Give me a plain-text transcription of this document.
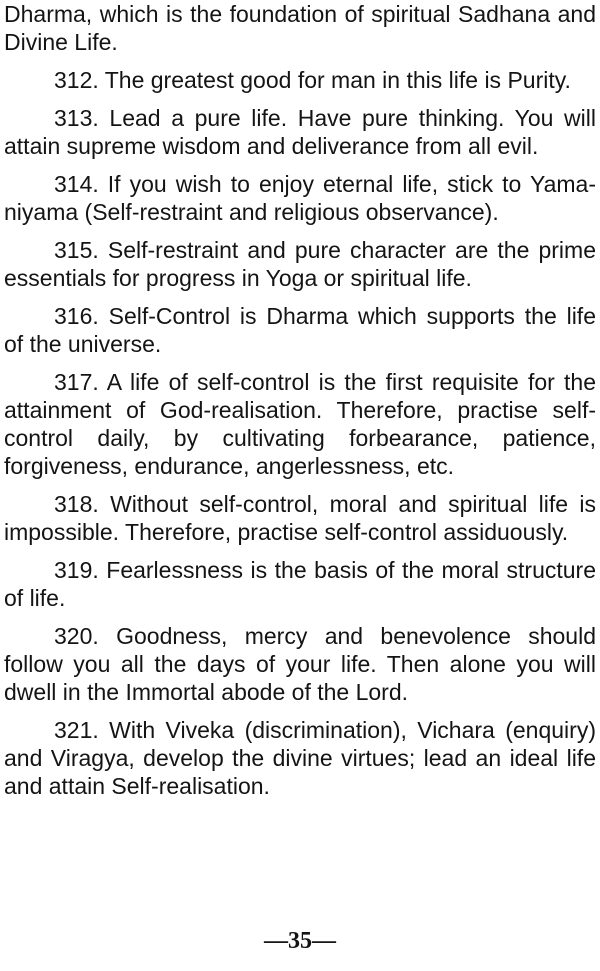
Dharma, which is the foundation of spiritual Sadhana and Divine Life.

312. The greatest good for man in this life is Purity.

313. Lead a pure life. Have pure thinking. You will attain supreme wisdom and deliverance from all evil.

314. If you wish to enjoy eternal life, stick to Yama-niyama (Self-restraint and religious observance).

315. Self-restraint and pure character are the prime essentials for progress in Yoga or spiritual life.

316. Self-Control is Dharma which supports the life of the universe.

317. A life of self-control is the first requisite for the attainment of God-realisation. Therefore, practise self-control daily, by cultivating forbearance, patience, forgiveness, endurance, angerlessness, etc.

318. Without self-control, moral and spiritual life is impossible. Therefore, practise self-control assiduously.

319. Fearlessness is the basis of the moral structure of life.

320. Goodness, mercy and benevolence should follow you all the days of your life. Then alone you will dwell in the Immortal abode of the Lord.

321. With Viveka (discrimination), Vichara (enquiry) and Viragya, develop the divine virtues; lead an ideal life and attain Self-realisation.

—35—
